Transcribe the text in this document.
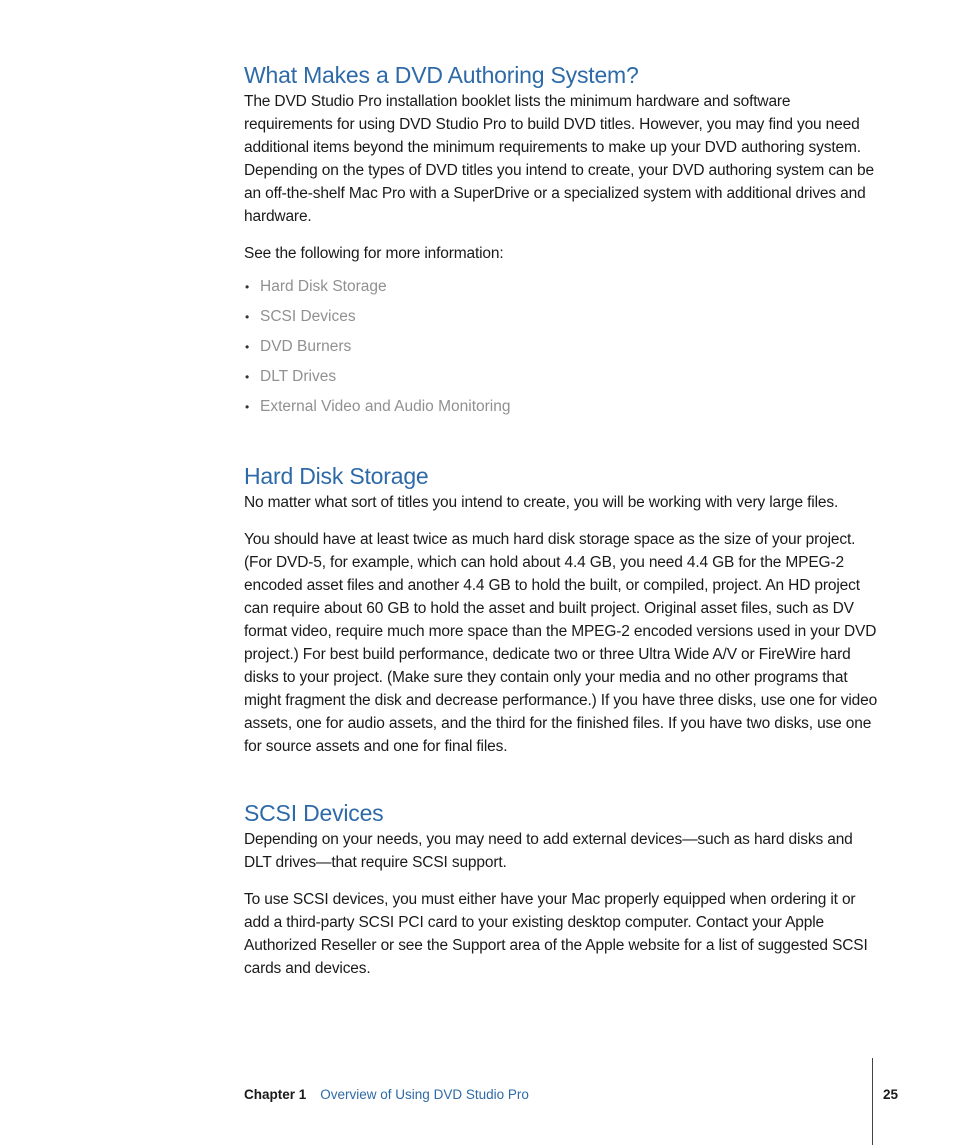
What Makes a DVD Authoring System?

The DVD Studio Pro installation booklet lists the minimum hardware and software requirements for using DVD Studio Pro to build DVD titles. However, you may find you need additional items beyond the minimum requirements to make up your DVD authoring system. Depending on the types of DVD titles you intend to create, your DVD authoring system can be an off-the-shelf Mac Pro with a SuperDrive or a specialized system with additional drives and hardware.

See the following for more information:

• Hard Disk Storage
• SCSI Devices
• DVD Burners
• DLT Drives
• External Video and Audio Monitoring
Hard Disk Storage

No matter what sort of titles you intend to create, you will be working with very large files.

You should have at least twice as much hard disk storage space as the size of your project. (For DVD-5, for example, which can hold about 4.4 GB, you need 4.4 GB for the MPEG-2 encoded asset files and another 4.4 GB to hold the built, or compiled, project. An HD project can require about 60 GB to hold the asset and built project. Original asset files, such as DV format video, require much more space than the MPEG-2 encoded versions used in your DVD project.) For best build performance, dedicate two or three Ultra Wide A/V or FireWire hard disks to your project. (Make sure they contain only your media and no other programs that might fragment the disk and decrease performance.) If you have three disks, use one for video assets, one for audio assets, and the third for the finished files. If you have two disks, use one for source assets and one for final files.

SCSI Devices

Depending on your needs, you may need to add external devices—such as hard disks and DLT drives—that require SCSI support.

To use SCSI devices, you must either have your Mac properly equipped when ordering it or add a third-party SCSI PCI card to your existing desktop computer. Contact your Apple Authorized Reseller or see the Support area of the Apple website for a list of suggested SCSI cards and devices.

Chapter 1 Overview of Using DVD Studio Pro	25
